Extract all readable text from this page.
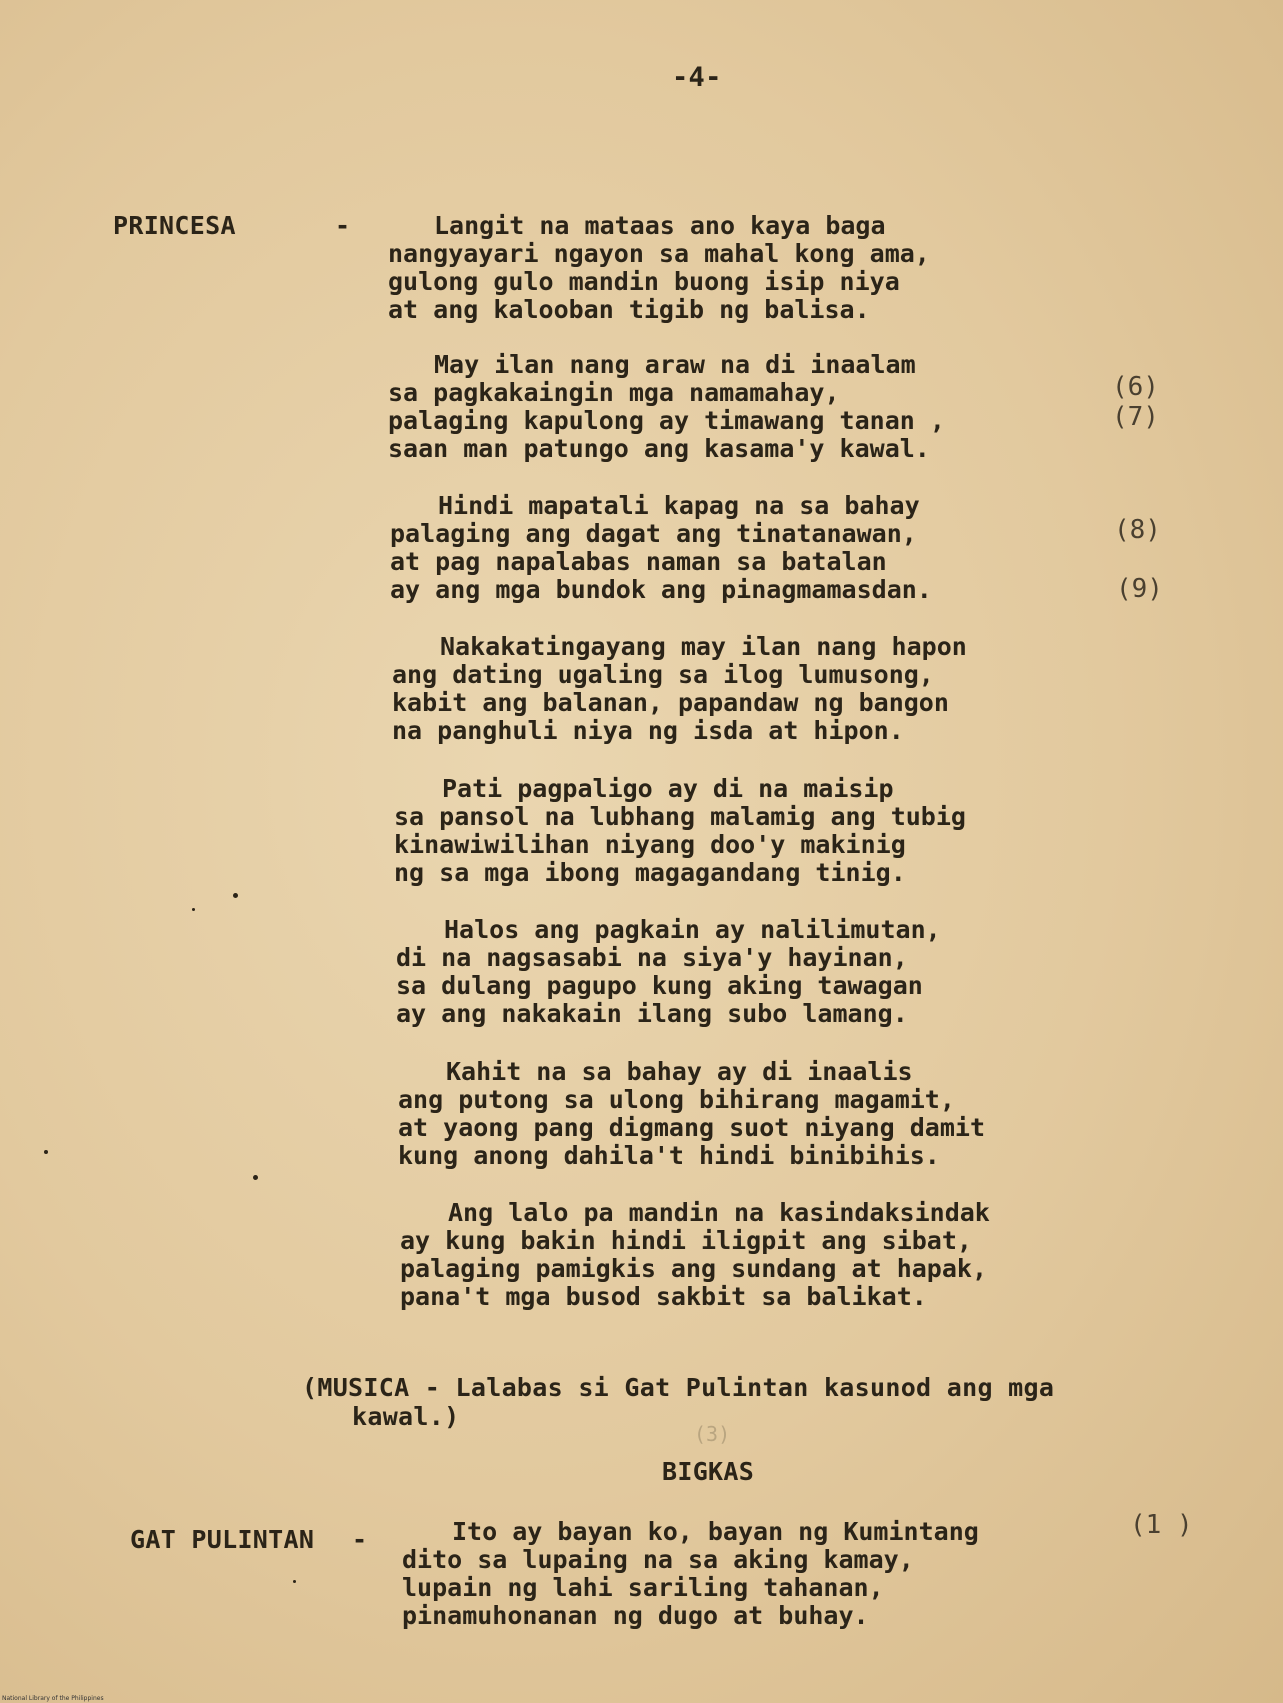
-4-
PRINCESA	-	Langit na mataas ano kaya baga
nangyayari ngayon sa mahal kong ama,
gulong gulo mandin buong isip niya
at ang kalooban tigib ng balisa.
May ilan nang araw na di inaalam
sa pagkakaingin mga namamahay,
palaging kapulong ay timawang tanan ,
saan man patungo ang kasama'y kawal.
Hindi mapatali kapag na sa bahay
palaging ang dagat ang tinatanawan,
at pag napalabas naman sa batalan
ay ang mga bundok ang pinagmamasdan.
Nakakatingayang may ilan nang hapon
ang dating ugaling sa ilog lumusong,
kabit ang balanan, papandaw ng bangon
na panghuli niya ng isda at hipon.
Pati pagpaligo ay di na maisip
sa pansol na lubhang malamig ang tubig
kinawiwilihan niyang doo'y makinig
ng sa mga ibong magagandang tinig.
Halos ang pagkain ay nalilimutan,
di na nagsasabi na siya'y hayinan,
sa dulang pagupo kung aking tawagan
ay ang nakakain ilang subo lamang.
Kahit na sa bahay ay di inaalis
ang putong sa ulong bihirang magamit,
at yaong pang digmang suot niyang damit
kung anong dahila't hindi binibihis.
Ang lalo pa mandin na kasindaksindak
ay kung bakin hindi iligpit ang sibat,
palaging pamigkis ang sundang at hapak,
pana't mga busod sakbit sa balikat.
(6)
(7)
(8)
(9)
(MUSICA - Lalabas si Gat Pulintan kasunod ang mga
kawal.)
(3)
BIGKAS
GAT PULINTAN -	(1 )
Ito ay bayan ko, bayan ng Kumintang
dito sa lupaing na sa aking kamay,
lupain ng lahi sariling tahanan,
pinamuhonanan ng dugo at buhay.
National Library of the Philippines
